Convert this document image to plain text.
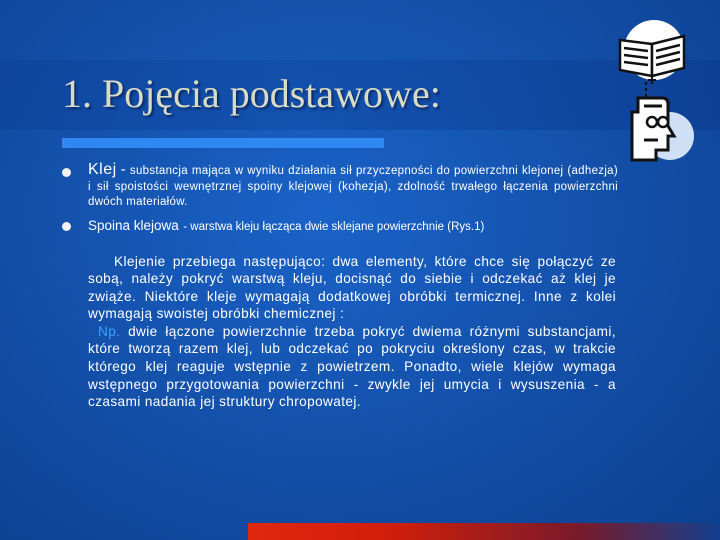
1. Pojęcia podstawowe:
Klej - substancja mająca w wyniku działania sił przyczepności do powierzchni klejonej (adhezja) i sił spoistości wewnętrznej spoiny klejowej (kohezja), zdolność trwałego łączenia powierzchni dwóch materiałów.
Spoina klejowa - warstwa kleju łącząca dwie sklejane powierzchnie (Rys.1)
Klejenie przebiega następująco: dwa elementy, które chce się połączyć ze sobą, należy pokryć warstwą kleju, docisnąć do siebie i odczekać aż klej je zwiąże. Niektóre kleje wymagają dodatkowej obróbki termicznej. Inne z kolei wymagają swoistej obróbki chemicznej :
Np. dwie łączone powierzchnie trzeba pokryć dwiema różnymi substancjami, które tworzą razem klej, lub odczekać po pokryciu określony czas, w trakcie którego klej reaguje wstępnie z powietrzem. Ponadto, wiele klejów wymaga wstępnego przygotowania powierzchni - zwykle jej umycia i wysuszenia - a czasami nadania jej struktury chropowatej.
